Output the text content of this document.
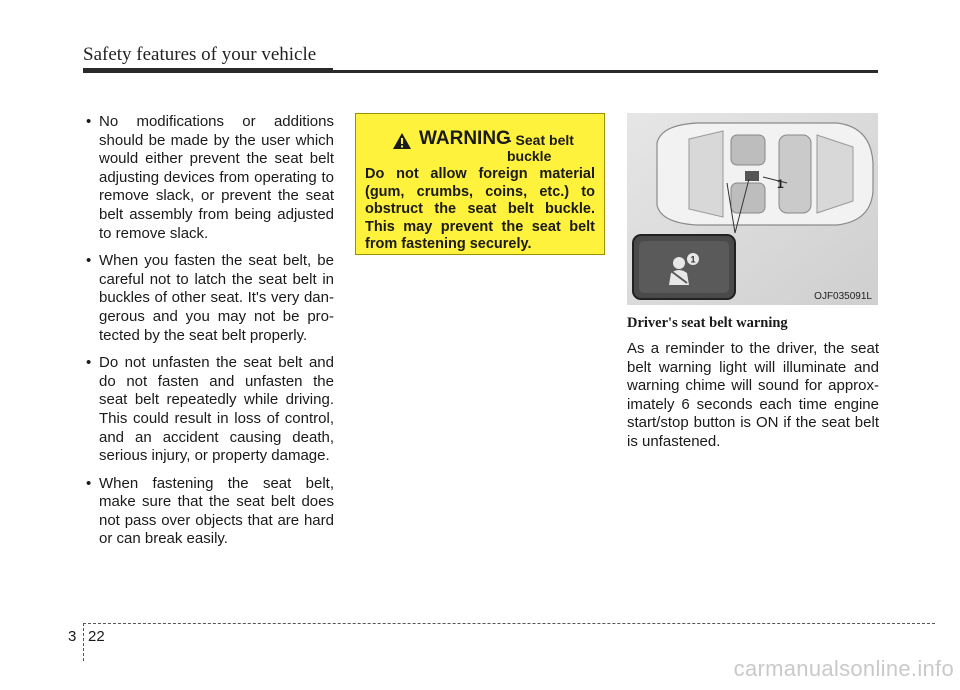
Safety features of your vehicle
• No modifications or additions should be made by the user which would either prevent the seat belt adjusting devices from operating to remove slack, or prevent the seat belt assembly from being adjusted to remove slack.
• When you fasten the seat belt, be careful not to latch the seat belt in buckles of other seat. It's very dan-gerous and you may not be pro-tected by the seat belt properly.
• Do not unfasten the seat belt and do not fasten and unfasten the seat belt repeatedly while driving. This could result in loss of control, and an accident causing death, serious injury, or property damage.
• When fastening the seat belt, make sure that the seat belt does not pass over objects that are hard or can break easily.
WARNING
- Seat belt buckle
Do not allow foreign material (gum, crumbs, coins, etc.) to obstruct the seat belt buckle. This may prevent the seat belt from fastening securely.
1
1
OJF035091L
Driver's seat belt warning
As a reminder to the driver, the seat belt warning light will illuminate and warning chime will sound for approx-imately 6 seconds each time engine start/stop button is ON if the seat belt is unfastened.
3 22
carmanualsonline.info
